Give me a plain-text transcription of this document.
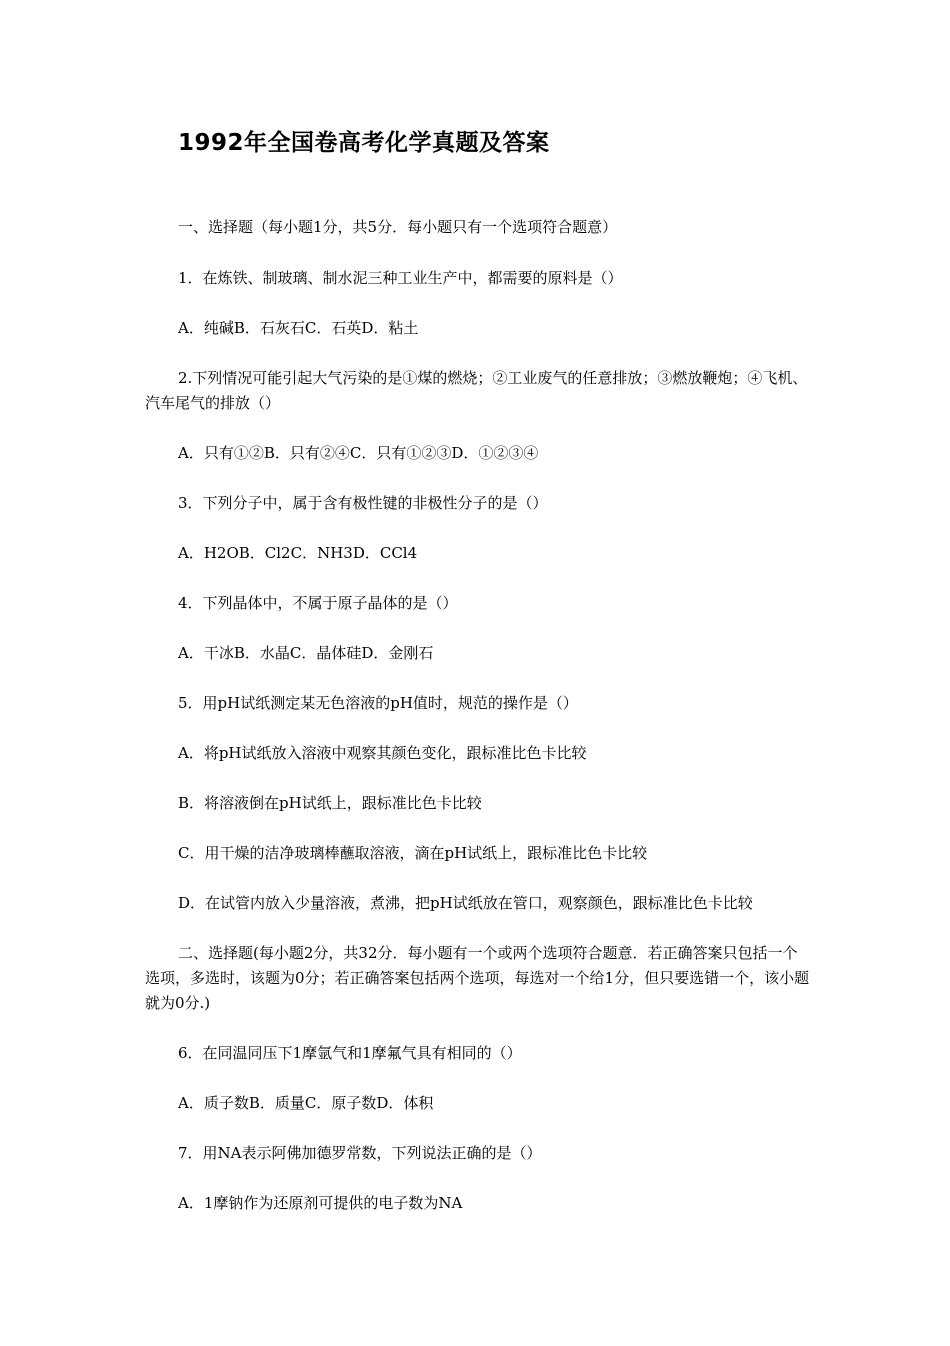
1992年全国卷高考化学真题及答案
一、选择题（每小题1分，共5分．每小题只有一个选项符合题意）
1．在炼铁、制玻璃、制水泥三种工业生产中，都需要的原料是（）
A．纯碱B．石灰石C．石英D．粘土
2.下列情况可能引起大气污染的是①煤的燃烧；②工业废气的任意排放；③燃放鞭炮；④飞机、汽车尾气的排放（）
A．只有①②B．只有②④C．只有①②③D．①②③④
3．下列分子中，属于含有极性键的非极性分子的是（）
A．H2OB．Cl2C．NH3D．CCl4
4．下列晶体中，不属于原子晶体的是（）
A．干冰B．水晶C．晶体硅D．金刚石
5．用pH试纸测定某无色溶液的pH值时，规范的操作是（）
A．将pH试纸放入溶液中观察其颜色变化，跟标准比色卡比较
B．将溶液倒在pH试纸上，跟标准比色卡比较
C．用干燥的洁净玻璃棒蘸取溶液，滴在pH试纸上，跟标准比色卡比较
D．在试管内放入少量溶液，煮沸，把pH试纸放在管口，观察颜色，跟标准比色卡比较
二、选择题(每小题2分，共32分．每小题有一个或两个选项符合题意．若正确答案只包括一个选项，多选时，该题为0分；若正确答案包括两个选项，每选对一个给1分，但只要选错一个，该小题就为0分.)
6．在同温同压下1摩氩气和1摩氟气具有相同的（）
A．质子数B．质量C．原子数D．体积
7．用NA表示阿佛加德罗常数，下列说法正确的是（）
A．1摩钠作为还原剂可提供的电子数为NA
